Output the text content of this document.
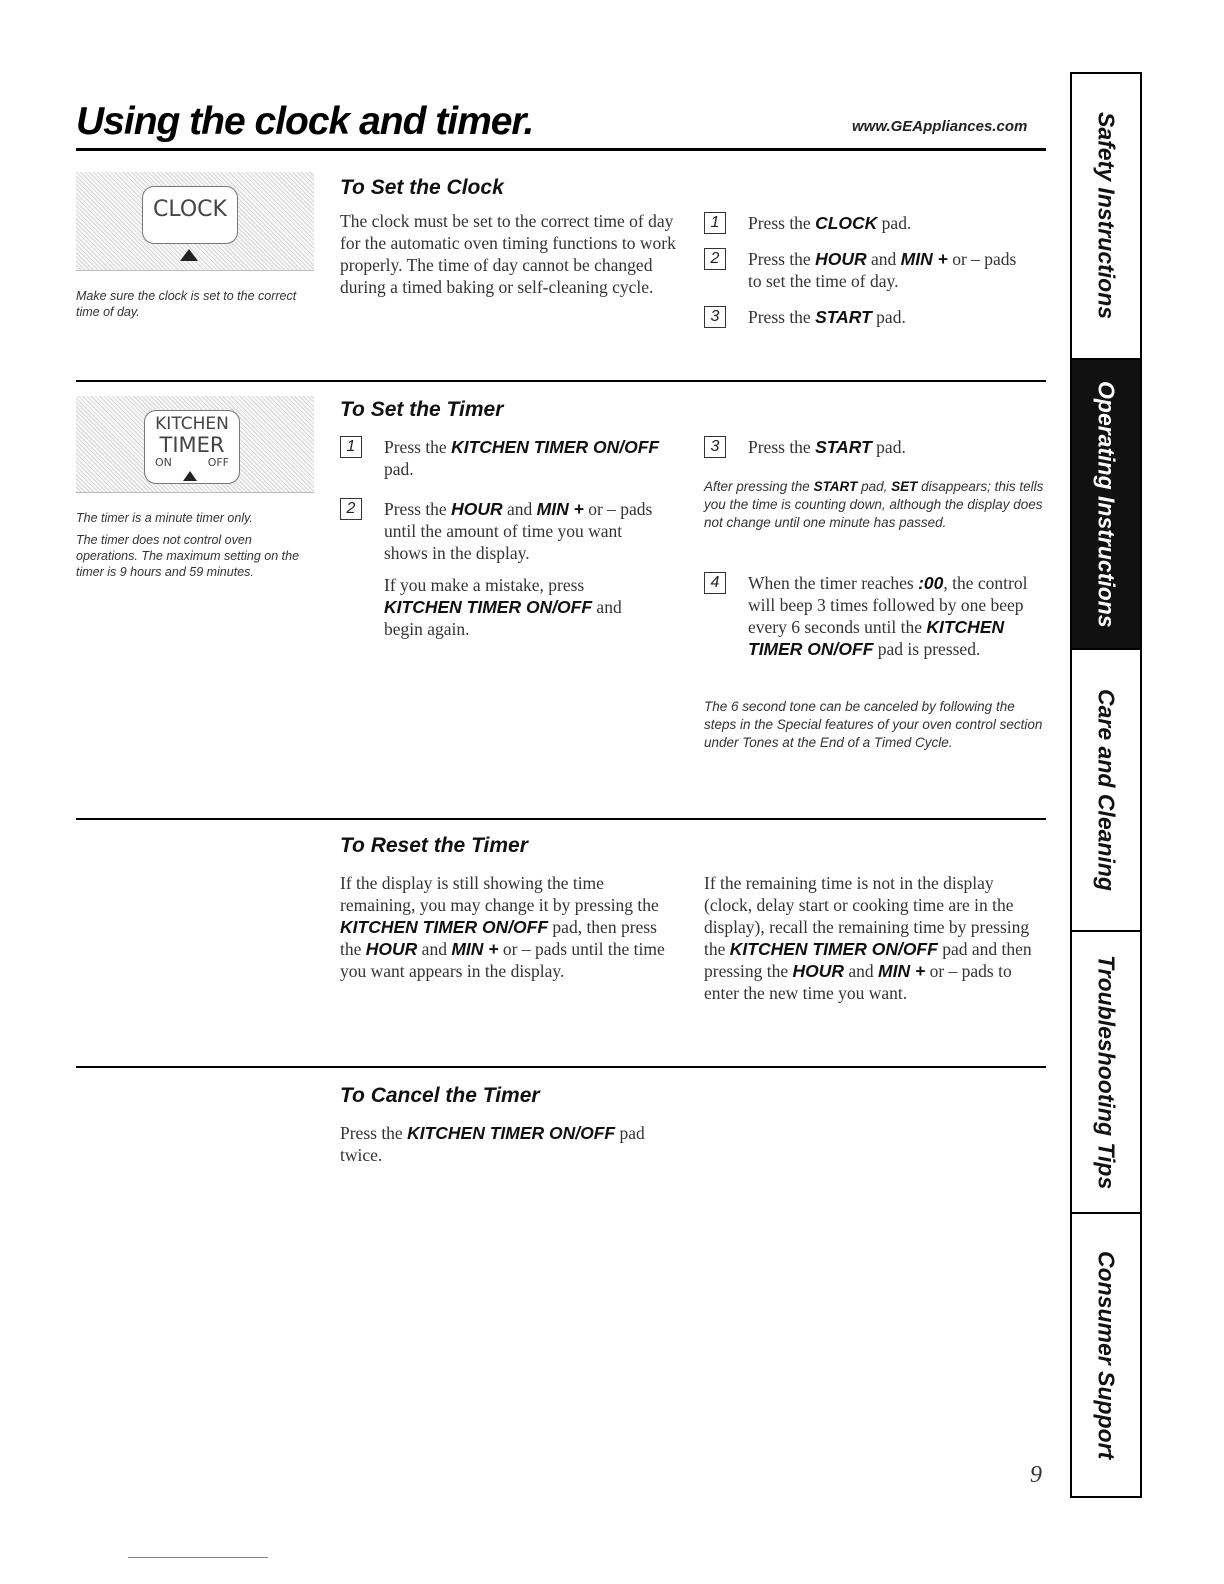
Using the clock and timer.	www.GEAppliances.com
CLOCK
Make sure the clock is set to the correct time of day.
To Set the Clock
The clock must be set to the correct time of day for the automatic oven timing functions to work properly. The time of day cannot be changed during a timed baking or self-cleaning cycle.
1	Press the CLOCK pad.
2	Press the HOUR and MIN + or – pads to set the time of day.
3	Press the START pad.
KITCHEN
TIMER
ON	OFF
The timer is a minute timer only.
The timer does not control oven operations. The maximum setting on the timer is 9 hours and 59 minutes.
To Set the Timer
1	Press the KITCHEN TIMER ON/OFF pad.
2	Press the HOUR and MIN + or – pads until the amount of time you want shows in the display.
If you make a mistake, press KITCHEN TIMER ON/OFF and begin again.
3	Press the START pad.
After pressing the START pad, SET disappears; this tells you the time is counting down, although the display does not change until one minute has passed.
4	When the timer reaches :00, the control will beep 3 times followed by one beep every 6 seconds until the KITCHEN TIMER ON/OFF pad is pressed.
The 6 second tone can be canceled by following the steps in the Special features of your oven control section under Tones at the End of a Timed Cycle.
To Reset the Timer
If the display is still showing the time remaining, you may change it by pressing the KITCHEN TIMER ON/OFF pad, then press the HOUR and MIN + or – pads until the time you want appears in the display.
If the remaining time is not in the display (clock, delay start or cooking time are in the display), recall the remaining time by pressing the KITCHEN TIMER ON/OFF pad and then pressing the HOUR and MIN + or – pads to enter the new time you want.
To Cancel the Timer
Press the KITCHEN TIMER ON/OFF pad twice.
9
Safety Instructions
Operating Instructions
Care and Cleaning
Troubleshooting Tips
Consumer Support
